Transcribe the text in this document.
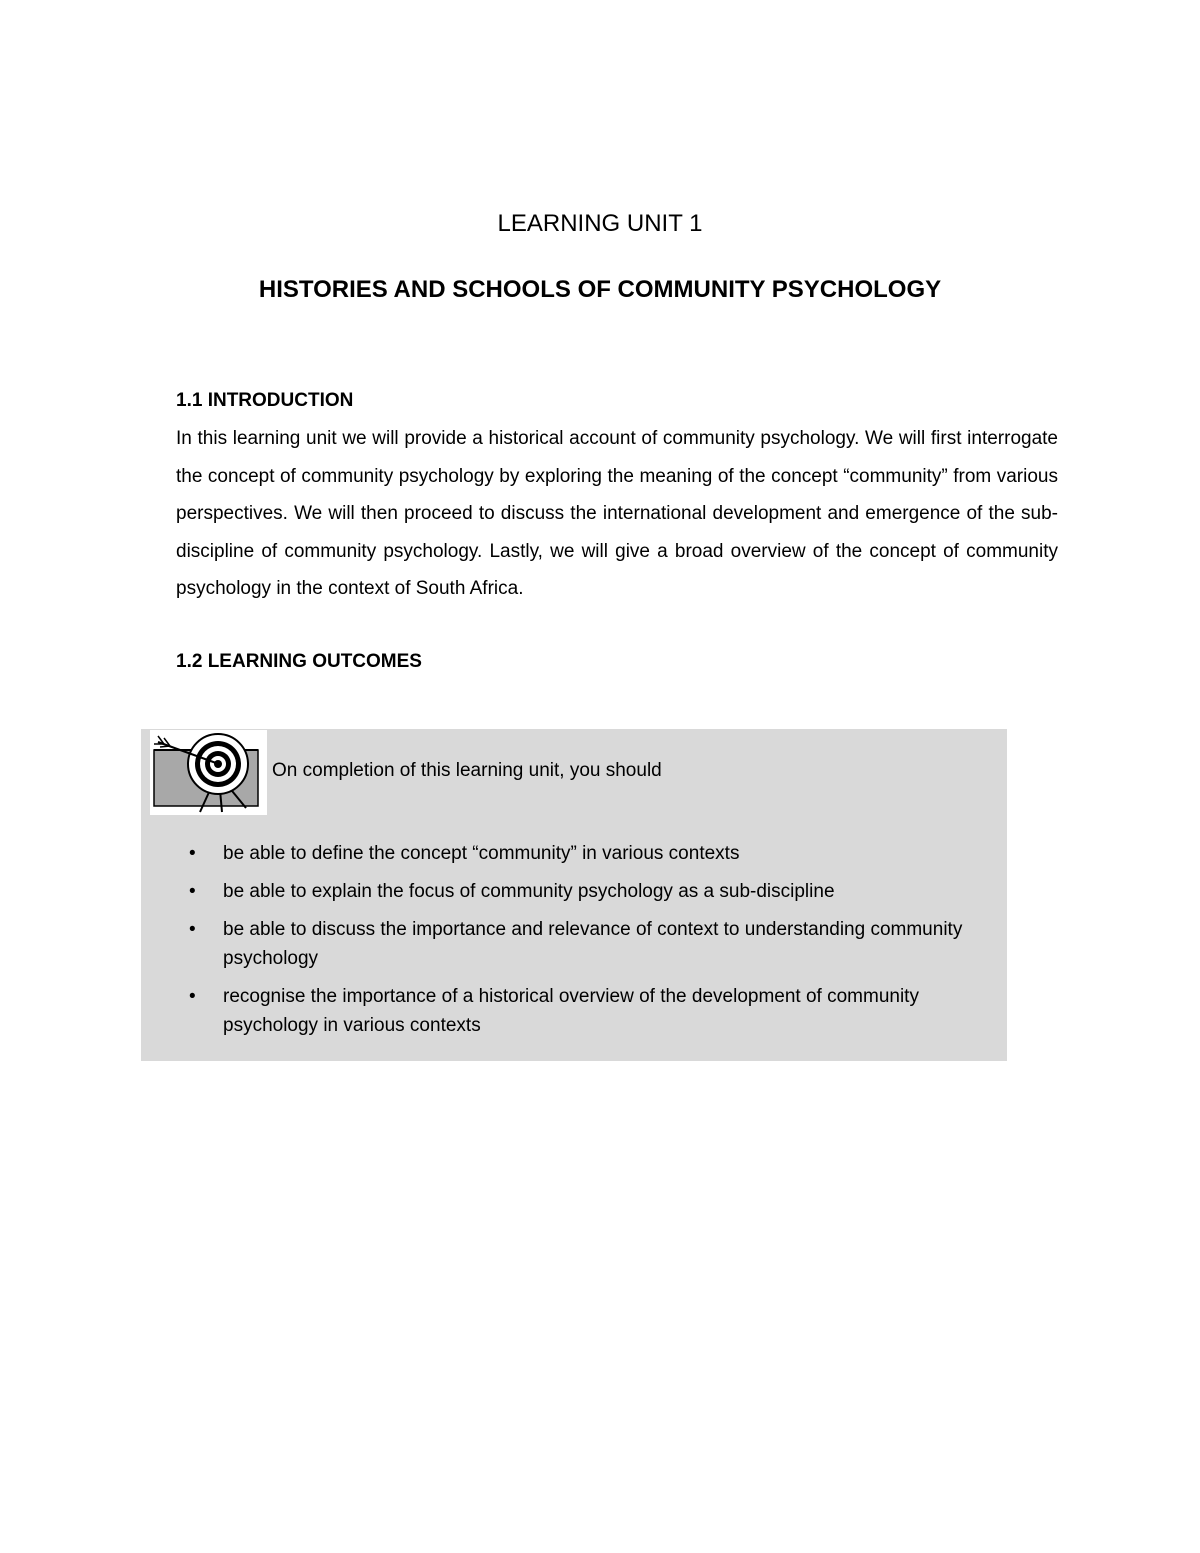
LEARNING UNIT 1
HISTORIES AND SCHOOLS OF COMMUNITY PSYCHOLOGY
1.1 INTRODUCTION

In this learning unit we will provide a historical account of community psychology. We will first interrogate the concept of community psychology by exploring the meaning of the concept “community” from various perspectives. We will then proceed to discuss the international development and emergence of the sub-discipline of community psychology. Lastly, we will give a broad overview of the concept of community psychology in the context of South Africa.

1.2 LEARNING OUTCOMES
On completion of this learning unit, you should
• be able to define the concept “community” in various contexts
• be able to explain the focus of community psychology as a sub-discipline
• be able to discuss the importance and relevance of context to understanding community psychology
• recognise the importance of a historical overview of the development of community psychology in various contexts
